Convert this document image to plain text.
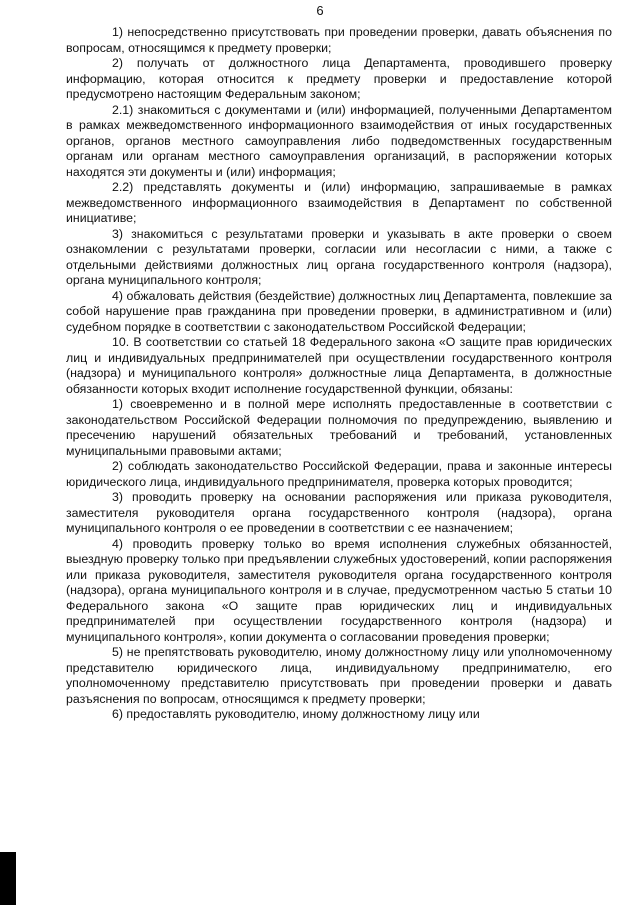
6

1) непосредственно присутствовать при проведении проверки, давать объяснения по вопросам, относящимся к предмету проверки;

2) получать от должностного лица Департамента, проводившего проверку информацию, которая относится к предмету проверки и предоставление которой предусмотрено настоящим Федеральным законом;

2.1) знакомиться с документами и (или) информацией, полученными Департаментом в рамках межведомственного информационного взаимодействия от иных государственных органов, органов местного самоуправления либо подведомственных государственным органам или органам местного самоуправления организаций, в распоряжении которых находятся эти документы и (или) информация;

2.2) представлять документы и (или) информацию, запрашиваемые в рамках межведомственного информационного взаимодействия в Департамент по собственной инициативе;

3) знакомиться с результатами проверки и указывать в акте проверки о своем ознакомлении с результатами проверки, согласии или несогласии с ними, а также с отдельными действиями должностных лиц органа государственного контроля (надзора), органа муниципального контроля;

4) обжаловать действия (бездействие) должностных лиц Департамента, повлекшие за собой нарушение прав гражданина при проведении проверки, в административном и (или) судебном порядке в соответствии с законодательством Российской Федерации;

10. В соответствии со статьей 18 Федерального закона «О защите прав юридических лиц и индивидуальных предпринимателей при осуществлении государственного контроля (надзора) и муниципального контроля» должностные лица Департамента, в должностные обязанности которых входит исполнение государственной функции, обязаны:

1) своевременно и в полной мере исполнять предоставленные в соответствии с законодательством Российской Федерации полномочия по предупреждению, выявлению и пресечению нарушений обязательных требований и требований, установленных муниципальными правовыми актами;

2) соблюдать законодательство Российской Федерации, права и законные интересы юридического лица, индивидуального предпринимателя, проверка которых проводится;

3) проводить проверку на основании распоряжения или приказа руководителя, заместителя руководителя органа государственного контроля (надзора), органа муниципального контроля о ее проведении в соответствии с ее назначением;

4) проводить проверку только во время исполнения служебных обязанностей, выездную проверку только при предъявлении служебных удостоверений, копии распоряжения или приказа руководителя, заместителя руководителя органа государственного контроля (надзора), органа муниципального контроля и в случае, предусмотренном частью 5 статьи 10 Федерального закона «О защите прав юридических лиц и индивидуальных предпринимателей при осуществлении государственного контроля (надзора) и муниципального контроля», копии документа о согласовании проведения проверки;

5) не препятствовать руководителю, иному должностному лицу или уполномоченному представителю юридического лица, индивидуальному предпринимателю, его уполномоченному представителю присутствовать при проведении проверки и давать разъяснения по вопросам, относящимся к предмету проверки;

6) предоставлять руководителю, иному должностному лицу или
